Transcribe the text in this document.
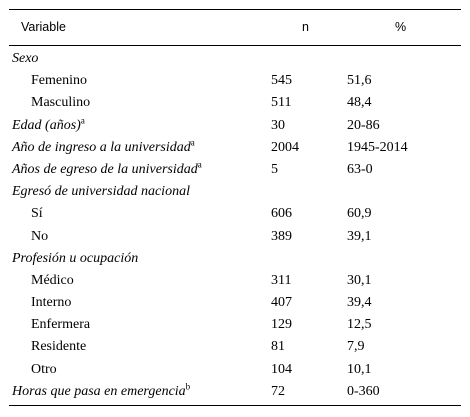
Variable	n	%
Sexo
Femenino	545	51,6
Masculino	511	48,4
Edad (años)$^a$	30	20-86
Año de ingreso a la universidad$^a$	2004	1945-2014
Años de egreso de la universidad$^a$	5	63-0
Egresó de universidad nacional
Sí	606	60,9
No	389	39,1
Profesión u ocupación
Médico	311	30,1
Interno	407	39,4
Enfermera	129	12,5
Residente	81	7,9
Otro	104	10,1
Horas que pasa en emergencia$^b$	72	0-360
